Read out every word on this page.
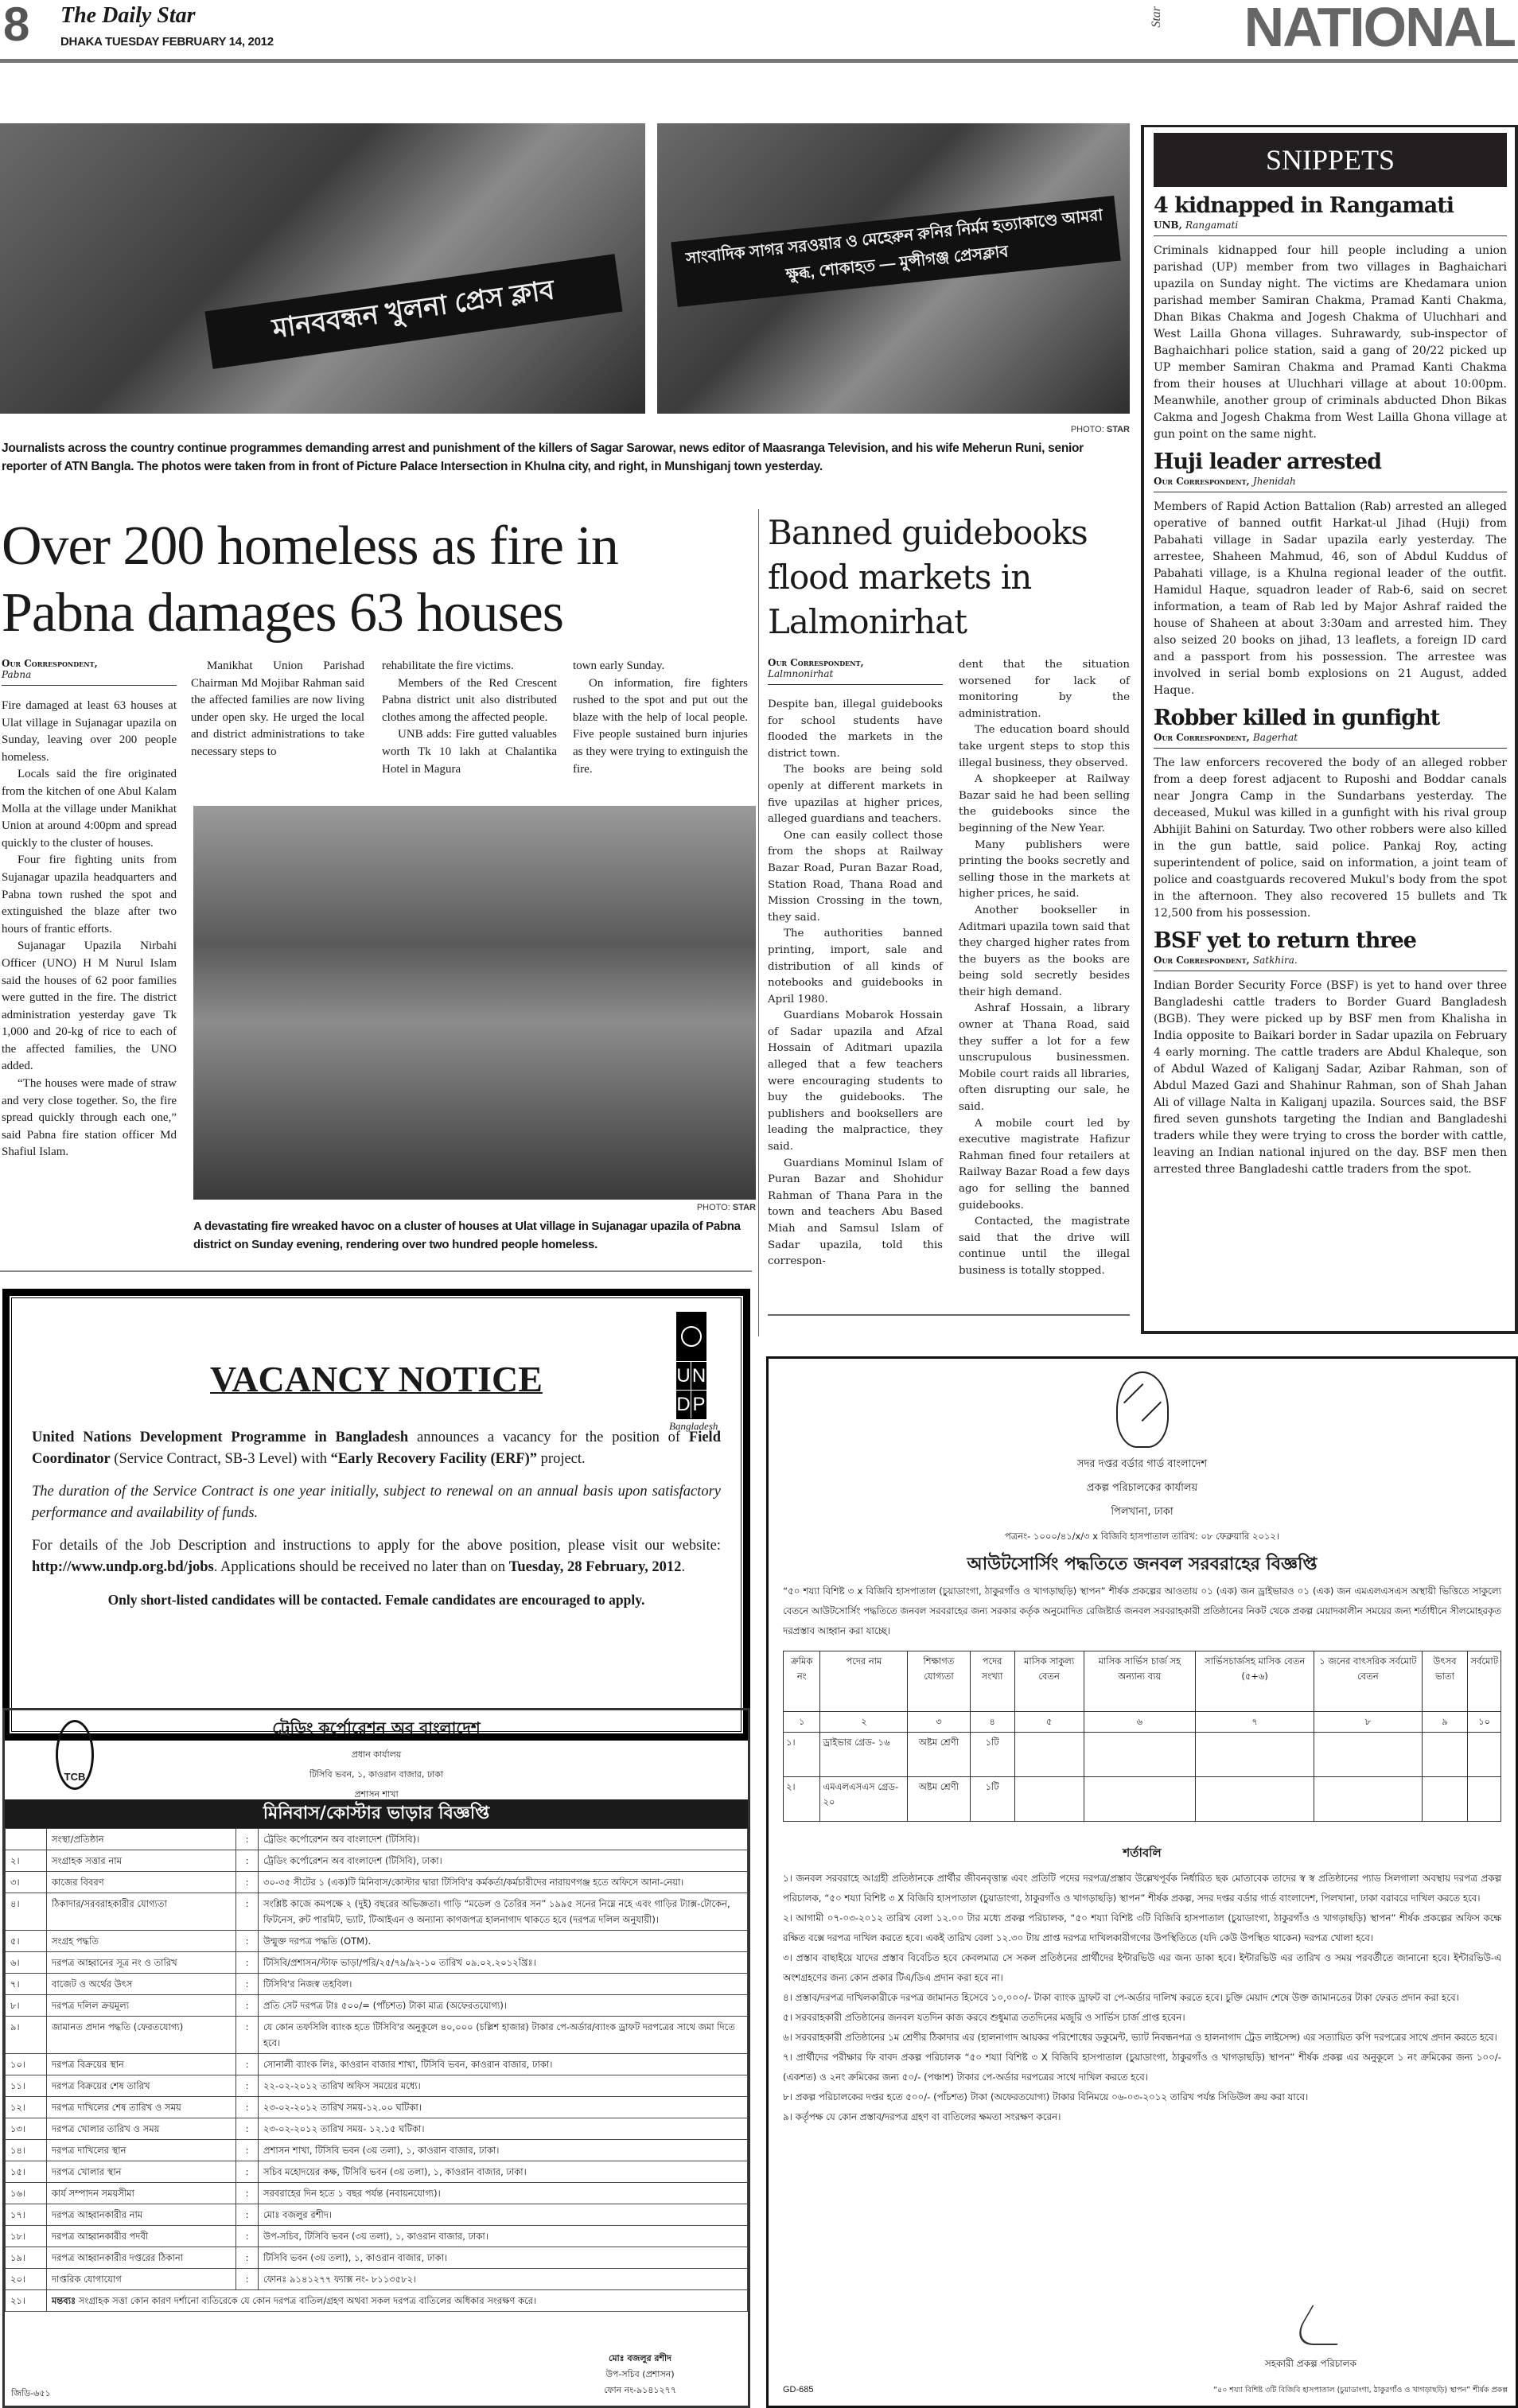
8 The Daily Star
DHAKA TUESDAY FEBRUARY 14, 2012
Star NATIONAL
মানববন্ধন খুলনা প্রেস ক্লাব
সাংবাদিক সাগর সরওয়ার ও মেহেরুন রুনির নির্মম হত্যাকাণ্ডে আমরা ক্ষুব্ধ, শোকাহত — মুন্সীগঞ্জ প্রেসক্লাব
PHOTO: STAR
Journalists across the country continue programmes demanding arrest and punishment of the killers of Sagar Sarowar, news editor of Maasranga Television, and his wife Meherun Runi, senior reporter of ATN Bangla. The photos were taken from in front of Picture Palace Intersection in Khulna city, and right, in Munshiganj town yesterday.
Over 200 homeless as fire in
Pabna damages 63 houses
Our Correspondent,
Pabna

Fire damaged at least 63 houses at Ulat village in Sujanagar upazila on Sunday, leaving over 200 people homeless.

Locals said the fire originated from the kitchen of one Abul Kalam Molla at the village under Manikhat Union at around 4:00pm and spread quickly to the cluster of houses.

Four fire fighting units from Sujanagar upazila headquarters and Pabna town rushed the spot and extinguished the blaze after two hours of frantic efforts.

Sujanagar Upazila Nirbahi Officer (UNO) H M Nurul Islam said the houses of 62 poor families were gutted in the fire. The district administration yesterday gave Tk 1,000 and 20-kg of rice to each of the affected families, the UNO added.

“The houses were made of straw and very close together. So, the fire spread quickly through each one,” said Pabna fire station officer Md Shafiul Islam.

Manikhat Union Parishad Chairman Md Mojibar Rahman said the affected families are now living under open sky. He urged the local and district administrations to take necessary steps to

rehabilitate the fire victims.

Members of the Red Crescent Pabna district unit also distributed clothes among the affected people.

UNB adds: Fire gutted valuables worth Tk 10 lakh at Chalantika Hotel in Magura

town early Sunday.

On information, fire fighters rushed to the spot and put out the blaze with the help of local people. Five people sustained burn injuries as they were trying to extinguish the fire.

PHOTO: STAR
A devastating fire wreaked havoc on a cluster of houses at Ulat village in Sujanagar upazila of Pabna district on Sunday evening, rendering over two hundred people homeless.
Banned guidebooks flood markets in Lalmonirhat
Our Correspondent,
Lalmnonirhat

Despite ban, illegal guidebooks for school students have flooded the markets in the district town.

The books are being sold openly at different markets in five upazilas at higher prices, alleged guardians and teachers.

One can easily collect those from the shops at Railway Bazar Road, Puran Bazar Road, Station Road, Thana Road and Mission Crossing in the town, they said.

The authorities banned printing, import, sale and distribution of all kinds of notebooks and guidebooks in April 1980.

Guardians Mobarok Hossain of Sadar upazila and Afzal Hossain of Aditmari upazila alleged that a few teachers were encouraging students to buy the guidebooks. The publishers and booksellers are leading the malpractice, they said.

Guardians Mominul Islam of Puran Bazar and Shohidur Rahman of Thana Para in the town and teachers Abu Based Miah and Samsul Islam of Sadar upazila, told this correspon-

dent that the situation worsened for lack of monitoring by the administration.

The education board should take urgent steps to stop this illegal business, they observed.

A shopkeeper at Railway Bazar said he had been selling the guidebooks since the beginning of the New Year.

Many publishers were printing the books secretly and selling those in the markets at higher prices, he said.

Another bookseller in Aditmari upazila town said that they charged higher rates from the buyers as the books are being sold secretly besides their high demand.

Ashraf Hossain, a library owner at Thana Road, said they suffer a lot for a few unscrupulous businessmen. Mobile court raids all libraries, often disrupting our sale, he said.

A mobile court led by executive magistrate Hafizur Rahman fined four retailers at Railway Bazar Road a few days ago for selling the banned guidebooks.

Contacted, the magistrate said that the drive will continue until the illegal business is totally stopped.

SNIPPETS
4 kidnapped in Rangamati
UNB, Rangamati
Criminals kidnapped four hill people including a union parishad (UP) member from two villages in Baghaichari upazila on Sunday night. The victims are Khedamara union parishad member Samiran Chakma, Pramad Kanti Chakma, Dhan Bikas Chakma and Jogesh Chakma of Uluchhari and West Lailla Ghona villages. Suhrawardy, sub-inspector of Baghaichhari police station, said a gang of 20/22 picked up UP member Samiran Chakma and Pramad Kanti Chakma from their houses at Uluchhari village at about 10:00pm. Meanwhile, another group of criminals abducted Dhon Bikas Cakma and Jogesh Chakma from West Lailla Ghona village at gun point on the same night.
Huji leader arrested
Our Correspondent, Jhenidah
Members of Rapid Action Battalion (Rab) arrested an alleged operative of banned outfit Harkat-ul Jihad (Huji) from Pabahati village in Sadar upazila early yesterday. The arrestee, Shaheen Mahmud, 46, son of Abdul Kuddus of Pabahati village, is a Khulna regional leader of the outfit. Hamidul Haque, squadron leader of Rab-6, said on secret information, a team of Rab led by Major Ashraf raided the house of Shaheen at about 3:30am and arrested him. They also seized 20 books on jihad, 13 leaflets, a foreign ID card and a passport from his possession. The arrestee was involved in serial bomb explosions on 21 August, added Haque.
Robber killed in gunfight
Our Correspondent, Bagerhat
The law enforcers recovered the body of an alleged robber from a deep forest adjacent to Ruposhi and Boddar canals near Jongra Camp in the Sundarbans yesterday. The deceased, Mukul was killed in a gunfight with his rival group Abhijit Bahini on Saturday. Two other robbers were also killed in the gun battle, said police. Pankaj Roy, acting superintendent of police, said on information, a joint team of police and coastguards recovered Mukul's body from the spot in the afternoon. They also recovered 15 bullets and Tk 12,500 from his possession.
BSF yet to return three
Our Correspondent, Satkhira.
Indian Border Security Force (BSF) is yet to hand over three Bangladeshi cattle traders to Border Guard Bangladesh (BGB). They were picked up by BSF men from Khalisha in India opposite to Baikari border in Sadar upazila on February 4 early morning. The cattle traders are Abdul Khaleque, son of Abdul Wazed of Kaliganj Sadar, Azibar Rahman, son of Abdul Mazed Gazi and Shahinur Rahman, son of Shah Jahan Ali of village Nalta in Kaliganj upazila. Sources said, the BSF fired seven gunshots targeting the Indian and Bangladeshi traders while they were trying to cross the border with cattle, leaving an Indian national injured on the day. BSF men then arrested three Bangladeshi cattle traders from the spot.
U N
D P
Bangladesh
VACANCY NOTICE

United Nations Development Programme in Bangladesh announces a vacancy for the position of Field Coordinator (Service Contract, SB-3 Level) with “Early Recovery Facility (ERF)” project.

The duration of the Service Contract is one year initially, subject to renewal on an annual basis upon satisfactory performance and availability of funds.

For details of the Job Description and instructions to apply for the above position, please visit our website: http://www.undp.org.bd/jobs. Applications should be received no later than on Tuesday, 28 February, 2012.

Only short-listed candidates will be contacted. Female candidates are encouraged to apply.

TCB
ট্রেডিং কর্পোরেশন অব বাংলাদেশ
প্রধান কার্যালয়
টিসিবি ভবন, ১, কাওরান বাজার, ঢাকা
প্রশাসন শাখা
মিনিবাস/কোস্টার ভাড়ার বিজ্ঞপ্তি
	সংস্থা/প্রতিষ্ঠান	:	ট্রেডিং কর্পোরেশন অব বাংলাদেশ (টিসিবি)।
২।	সংগ্রাহক সত্তার নাম	:	ট্রেডিং কর্পোরেশন অব বাংলাদেশ (টিসিবি), ঢাকা।
৩।	কাজের বিবরণ	:	৩০-৩৫ সীটের ১ (এক)টি মিনিবাস/কোস্টার দ্বারা টিসিবি'র কর্মকর্তা/কর্মচারীদের নারায়ণগঞ্জ হতে অফিসে আনা-নেয়া।
৪।	ঠিকাদার/সরবরাহকারীর যোগ্যতা	:	সংশ্লিষ্ট কাজে কমপক্ষে ২ (দুই) বছরের অভিজ্ঞতা। গাড়ি “মডেল ও তৈরির সন” ১৯৯৫ সনের নিম্নে নহে এবং গাড়ির ট্যাক্স-টোকেন, ফিটনেস, রুট পারমিট, ভ্যাট, টিআইএন ও অন্যান্য কাগজপত্র হালনাগাদ থাকতে হবে (দরপত্র দলিল অনুযায়ী)।
৫।	সংগ্রহ পদ্ধতি	:	উন্মুক্ত দরপত্র পদ্ধতি (OTM).
৬।	দরপত্র আহ্বানের সূত্র নং ও তারিখ	:	টিসিবি/প্রশাসন/স্টাফ ভাড়া/পরি/২৫/৭৯/৯২-১০ তারিখ ০৯.০২.২০১২খ্রিঃ।
৭।	বাজেট ও অর্থের উৎস	:	টিসিবি'র নিজস্ব তহবিল।
৮।	দরপত্র দলিল ক্রয়মূল্য	:	প্রতি সেট দরপত্র টাঃ ৫০০/= (পাঁচশত) টাকা মাত্র (অফেরতযোগ্য)।
৯।	জামানত প্রদান পদ্ধতি (ফেরতযোগ্য)	:	যে কোন তফসিলি ব্যাংক হতে টিসিবি'র অনুকূলে ৪০,০০০ (চল্লিশ হাজার) টাকার পে-অর্ডার/ব্যাংক ড্রাফট দরপত্রের সাথে জমা দিতে হবে।
১০।	দরপত্র বিক্রয়ের স্থান	:	সোনালী ব্যাংক লিঃ, কাওরান বাজার শাখা, টিসিবি ভবন, কাওরান বাজার, ঢাকা।
১১।	দরপত্র বিক্রয়ের শেষ তারিখ	:	২২-০২-২০১২ তারিখ অফিস সময়ের মধ্যে।
১২।	দরপত্র দাখিলের শেষ তারিখ ও সময়	:	২৩-০২-২০১২ তারিখ সময়-১২.০০ ঘটিকা।
১৩।	দরপত্র খোলার তারিখ ও সময়	:	২৩-০২-২০১২ তারিখ সময়- ১২.১৫ ঘটিকা।
১৪।	দরপত্র দাখিলের স্থান	:	প্রশাসন শাখা, টিসিবি ভবন (৩য় তলা), ১, কাওরান বাজার, ঢাকা।
১৫।	দরপত্র খোলার স্থান	:	সচিব মহোদয়ের কক্ষ, টিসিবি ভবন (৩য় তলা), ১, কাওরান বাজার, ঢাকা।
১৬।	কার্য সম্পাদন সময়সীমা	:	সরবরাহের দিন হতে ১ বছর পর্যন্ত (নবায়নযোগ্য)।
১৭।	দরপত্র আহ্বানকারীর নাম	:	মোঃ বজলুর রশীদ।
১৮।	দরপত্র আহ্বানকারীর পদবী	:	উপ-সচিব, টিসিবি ভবন (৩য় তলা), ১, কাওরান বাজার, ঢাকা।
১৯।	দরপত্র আহ্বানকারীর দপ্তরের ঠিকানা	:	টিসিবি ভবন (৩য় তলা), ১, কাওরান বাজার, ঢাকা।
২০।	দাপ্তরিক যোগাযোগ	:	ফোনঃ ৯১৪১২৭৭ ফ্যাক্স নং- ৮১১৩৫৮২।
২১।	মন্তব্যঃ সংগ্রাহক সত্তা কোন কারণ দর্শানো ব্যতিরেকে যে কোন দরপত্র বাতিল/গ্রহণ অথবা সকল দরপত্র বাতিলের অধিকার সংরক্ষণ করে।		
মোঃ বজলুর রশীদ
উপ-সচিব (প্রশাসন)
ফোন নং-৯১৪১২৭৭
জিডি-৬৫১
সদর দপ্তর বর্ডার গার্ড বাংলাদেশ
প্রকল্প পরিচালকের কার্যালয়
পিলখানা, ঢাকা
পত্রনং- ১০০০/৪১/x/৩ x বিজিবি হাসপাতাল তারিখ: ০৮ ফেব্রুয়ারি ২০১২।
আউটসোর্সিং পদ্ধতিতে জনবল সরবরাহের বিজ্ঞপ্তি
“৫০ শয্যা বিশিষ্ট ৩ x বিজিবি হাসপাতাল (চুয়াডাংগা, ঠাকুরগাঁও ও খাগড়াছড়ি) স্থাপন” শীর্ষক প্রকল্পের আওতায় ০১ (এক) জন ড্রাইভারও ০১ (এক) জন এমএলএসএস অস্থায়ী ভিত্তিতে সাকুল্যে বেতনে আউটসোর্সিং পদ্ধতিতে জনবল সরবরাহের জন্য সরকার কর্তৃক অনুমোদিত রেজিষ্টার্ড জনবল সরবরাহকারী প্রতিষ্ঠানের নিকট থেকে প্রকল্প মেয়াদকালীন সময়ের জন্য শর্তাধীনে সীলমোহরকৃত দরপ্রস্তাব আহ্বান করা যাচ্ছে।
ক্রমিক নং	পদের নাম	শিক্ষাগত যোগ্যতা	পদের সংখ্যা	মাসিক সাকুল্য বেতন	মাসিক সার্ভিস চার্জ সহ অন্যান্য ব্যয়	সার্ভিসচার্জসহ মাসিক বেতন (৫+৬)	১ জনের বাৎসরিক সর্বমোট বেতন	উৎসব ভাতা	সর্বমোট
১	২	৩	৪	৫	৬	৭	৮	৯	১০
১।	ড্রাইভার গ্রেড- ১৬	অষ্টম শ্রেণী	১টি						
২।	এমএলএসএস গ্রেড- ২০	অষ্টম শ্রেণী	১টি						
শর্তাবলি
১। জনবল সরবরাহে আগ্রহী প্রতিষ্ঠানকে প্রার্থীর জীবনবৃত্তান্ত এবং প্রতিটি পদের দরপত্র/প্রস্তাব উল্লেখপূর্বক নির্ধারিত ছক মোতাবেক তাদের স্ব স্ব প্রতিষ্ঠানের প্যাড সিলগালা অবস্থায় দরপত্র প্রকল্প পরিচালক, “৫০ শয্যা বিশিষ্ট ৩ X বিজিবি হাসপাতাল (চুয়াডাংগা, ঠাকুরগাঁও ও খাগড়াছড়ি) স্থাপন” শীর্ষক প্রকল্প, সদর দপ্তর বর্ডার গার্ড বাংলাদেশ, পিলখানা, ঢাকা বরাবরে দাখিল করতে হবে।
২। আগামী ০৭-০৩-২০১২ তারিখ বেলা ১২.০০ টার মধ্যে প্রকল্প পরিচালক, “৫০ শয্যা বিশিষ্ট ৩টি বিজিবি হাসপাতাল (চুয়াডাংগা, ঠাকুরগাঁও ও খাগড়াছড়ি) স্থাপন” শীর্ষক প্রকল্পের অফিস কক্ষে রক্ষিত বক্সে দরপত্র দাখিল করতে হবে। একই তারিখ বেলা ১২.৩০ টায় প্রাপ্ত দরপত্র দাখিলকারীগণের উপস্থিতিতে (যদি কেউ উপস্থিত থাকেন) দরপত্র খোলা হবে।
৩। প্রস্তাব বাছাইয়ে যাদের প্রস্তাব বিবেচিত হবে কেবলমাত্র সে সকল প্রতিষ্ঠনের প্রার্থীদের ইন্টারভিউ এর জন্য ডাকা হবে। ইন্টারভিউ এর তারিখ ও সময় পরবর্তীতে জানানো হবে। ইন্টারভিউ-এ অংশগ্রহণের জন্য কোন প্রকার টিএ/ডিএ প্রদান করা হবে না।
৪। প্রস্তাব/দরপত্র দাখিলকারীকে দরপত্র জামানত হিসেবে ১০,০০০/- টাকা ব্যাংক ড্রাফট বা পে-অর্ডার দালিখ করতে হবে। চুক্তি মেয়াদ শেষে উক্ত জামানতের টাকা ফেরত প্রদান করা হবে।
৫। সরবরাহকারী প্রতিষ্ঠানের জনবল যতদিন কাজ করবে শুধুমাত্র ততদিনের মজুরি ও সার্ভিস চার্জ প্রাপ্ত হবেন।
৬। সরবরাহকারী প্রতিষ্ঠানের ১ম শ্রেণীর ঠিকাদার এর (হালনাগাদ আয়কর পরিশোধের ডকুমেন্ট, ভ্যাট নিবন্ধনপত্র ও হালনাগাদ ট্রেড লাইসেন্স) এর সত্যায়িত কপি দরপত্রের সাথে প্রদান করতে হবে।
৭। প্রার্থীদের পরীক্ষার ফি বাবদ প্রকল্প পরিচালক “৫০ শয্যা বিশিষ্ট ৩ X বিজিবি হাসপাতাল (চুয়াডাংগা, ঠাকুরগাঁও ও খাগড়াছড়ি) স্থাপন” শীর্ষক প্রকল্প এর অনুকূলে ১ নং ক্রমিকের জন্য ১০০/- (একশত) ও ২নং ক্রমিকের জন্য ৫০/- (পঞ্চাশ) টাকার পে-অর্ডার দরপত্রের সাথে দাখিল করতে হবে।
৮। প্রকল্প পরিচালকের দপ্তর হতে ৫০০/- (পাঁচশত) টাকা (অফেরতযোগ্য) টাকার বিনিময়ে ০৬-০৩-২০১২ তারিখ পর্যন্ত সিডিউল ক্রয় করা যাবে।
৯। কর্তৃপক্ষ যে কোন প্রস্তাব/দরপত্র গ্রহণ বা বাতিলের ক্ষমতা সংরক্ষণ করেন।
সহকারী প্রকল্প পরিচালক
GD-685	“৫০ শয্যা বিশিষ্ট ৩টি বিজিবি হাসপাতাল (চুয়াডাংগা, ঠাকুরগাঁও ও খাগড়াছড়ি) স্থাপন” শীর্ষক প্রকল্প
